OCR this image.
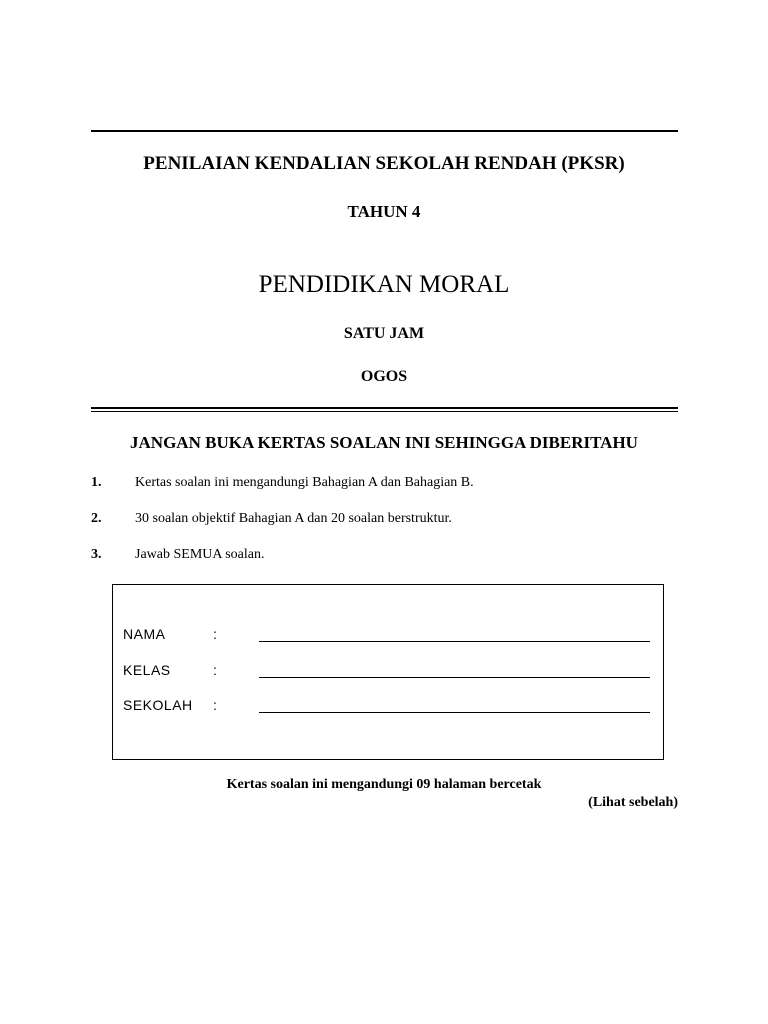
PENILAIAN KENDALIAN SEKOLAH RENDAH (PKSR)
TAHUN 4
PENDIDIKAN MORAL
SATU JAM
OGOS
JANGAN BUKA KERTAS SOALAN INI SEHINGGA DIBERITAHU
1. Kertas soalan ini mengandungi Bahagian A dan Bahagian B.
2. 30 soalan objektif Bahagian A dan 20 soalan berstruktur.
3. Jawab SEMUA soalan.
NAMA	:
KELAS	:
SEKOLAH :
Kertas soalan ini mengandungi 09 halaman bercetak
(Lihat sebelah)
